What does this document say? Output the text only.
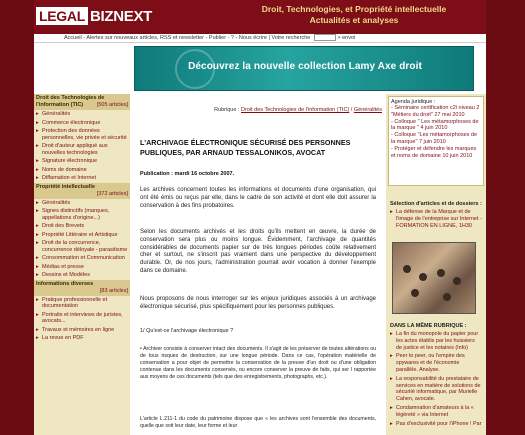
LEGAL BIZNEXT	Droit, Technologies, et Propriété intellectuelle
Actualités et analyses
Accueil - Alertes sur nouveaux articles, RSS et newsletter - Publier - ? - Nous écrire | Votre recherche	> envoi
Découvrez la nouvelle collection Lamy Axe droit
Droit des Technologies de l'information (TIC) [505 articles]
▸ Généralités
▸ Commerce électronique
▸ Protection des données personnelles, vie privée et sécurité
▸ Droit d'auteur appliqué aux nouvelles technologies
▸ Signature électronique
▸ Noms de domaine
▸ Diffamation et Internet
Propriété intellectuelle
[372 articles]
▸ Généralités
▸ Signes distinctifs (marques, appellations d'origine...)
▸ Droit des Brevets
▸ Propriété Littéraire et Artistique
▸ Droit de la concurrence, concurrence déloyale - parasitisme
▸ Consommation et Communication
▸ Médias et presse
▸ Dessins et Modèles
Informations diverses
[83 articles]
▸ Pratique professionnelle et documentation
▸ Portraits et interviews de juristes, avocats...
▸ Travaux et mémoires en ligne
▸ La revue en PDF
Rubrique : Droit des Technologies de l'information (TIC) / Généralités
L'ARCHIVAGE ÉLECTRONIQUE SÉCURISÉ DES PERSONNES PUBLIQUES, PAR ARNAUD TESSALONIKOS, AVOCAT
Publication : mardi 16 octobre 2007.
Les archives concernent toutes les informations et documents d'une organisation, qui ont été émis ou reçus par elle, dans le cadre de son activité et dont elle doit assurer la conservation à des fins probatoires.
Selon les documents archivés et les droits qu'ils mettent en œuvre, la durée de conservation sera plus ou moins longue. Évidemment, l'archivage de quantités considérables de documents papier sur de très longues périodes coûte relativement cher et surtout, ne s'inscrit pas vraiment dans une perspective du développement durable. Or, de nos jours, l'administration pourrait avoir vocation à donner l'exemple dans ce domaine.
Nous proposons de nous interroger sur les enjeux juridiques associés à un archivage électronique sécurisé, plus spécifiquement pour les personnes publiques.
1/ Qu'est-ce l'archivage électronique ?
• Archiver consiste à conserver intact des documents. Il s'agit de les préserver de toutes altérations ou de tous risques de destruction, sur une longue période. Dans ce cas, l'opération matérielle de conservation a pour objet de permettre la conservation de la preuve d'un droit ou d'une obligation contenue dans les documents conservés, ou encore conserver la preuve de faits, qui ser l rapportée aux moyens de ces documents (tels que des enregistrements, photographs, etc.).
L'article L.211-1 du code du patrimoine dispose que « les archives sont l'ensemble des documents, quelle que soit leur date, leur forme et leur
Agenda juridique :
- Séminaire certification c2i niveau 2 "Métiers du droit" 27 mai 2010
- Colloque " Les métamorphoses de la marque " 4 juin 2010
- Colloque "Les métamorphoses de la marque" 7 juin 2010
- Protéger et défendre les marques et noms de domaine 10 juin 2010
Sélection d'articles et de dossiers :
▸ La défense de la Marque et de l'image de l'entreprise sur Internet - FORMATION EN LIGNE, 1H30
DANS LA MÊME RUBRIQUE :
▸ La fin du monopole du papier pour les actes établis par les huissiers de justice et les notaires (Info)
▸ Peer to peer, ou l'empire des spywares et de l'économie parallèle. Analyse.
▸ La responsabilité du prestataire de services en matière de solutions de sécurité informatique, par Murielle Cahen, avocate.
▸ Condamnation d'amateurs à la « légèreté » via Internet
▸ Pas d'exclusivité pour l'iPhone ! Par
